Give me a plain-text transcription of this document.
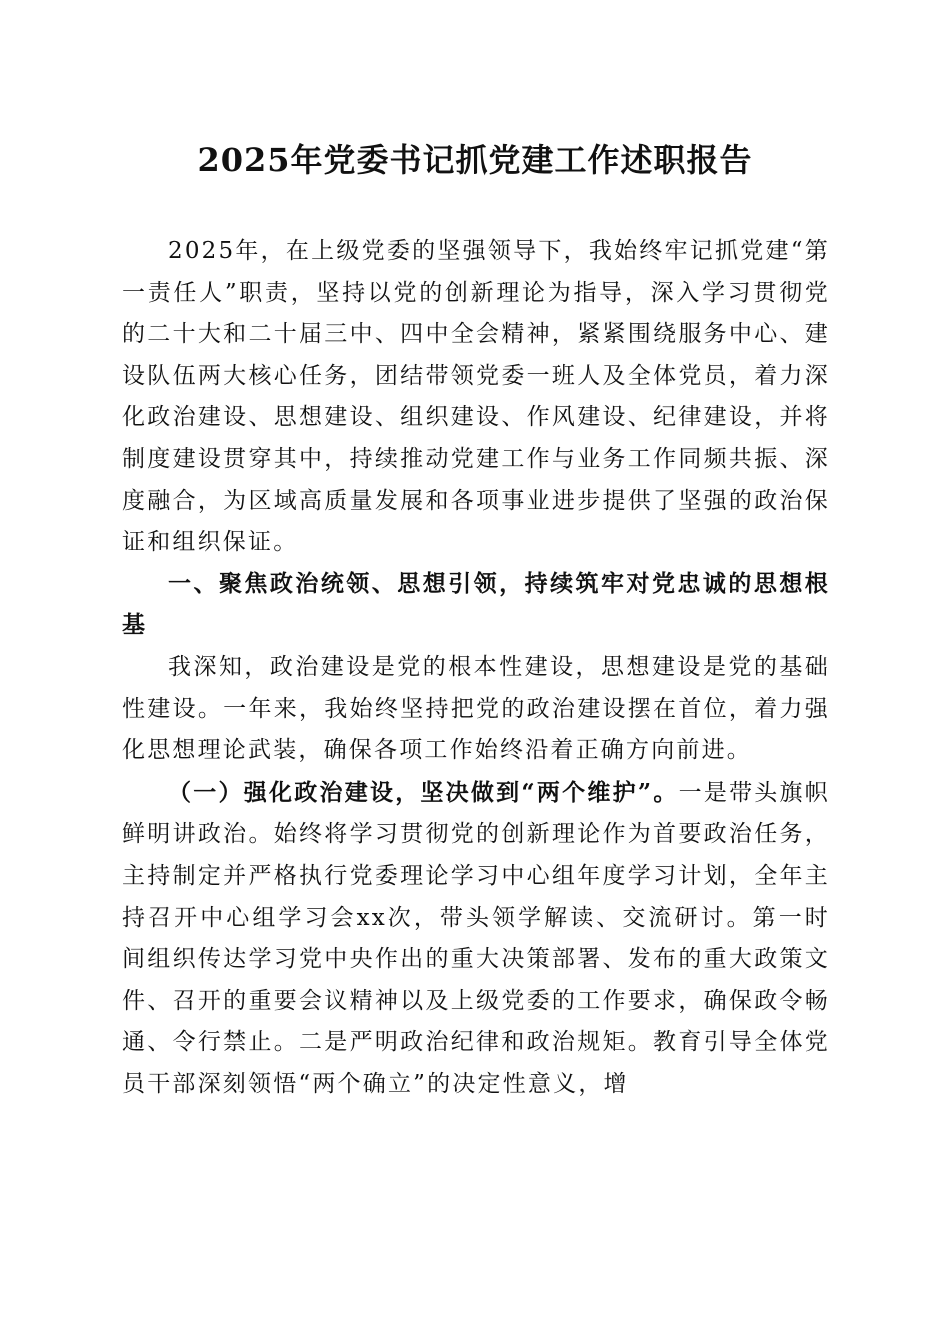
2025年党委书记抓党建工作述职报告

2025年，在上级党委的坚强领导下，我始终牢记抓党建“第一责任人”职责，坚持以党的创新理论为指导，深入学习贯彻党的二十大和二十届三中、四中全会精神，紧紧围绕服务中心、建设队伍两大核心任务，团结带领党委一班人及全体党员，着力深化政治建设、思想建设、组织建设、作风建设、纪律建设，并将制度建设贯穿其中，持续推动党建工作与业务工作同频共振、深度融合，为区域高质量发展和各项事业进步提供了坚强的政治保证和组织保证。

一、聚焦政治统领、思想引领，持续筑牢对党忠诚的思想根基

我深知，政治建设是党的根本性建设，思想建设是党的基础性建设。一年来，我始终坚持把党的政治建设摆在首位，着力强化思想理论武装，确保各项工作始终沿着正确方向前进。

（一）强化政治建设，坚决做到“两个维护”。一是带头旗帜鲜明讲政治。始终将学习贯彻党的创新理论作为首要政治任务，主持制定并严格执行党委理论学习中心组年度学习计划，全年主持召开中心组学习会xx次，带头领学解读、交流研讨。第一时间组织传达学习党中央作出的重大决策部署、发布的重大政策文件、召开的重要会议精神以及上级党委的工作要求，确保政令畅通、令行禁止。二是严明政治纪律和政治规矩。教育引导全体党员干部深刻领悟“两个确立”的决定性意义，增
